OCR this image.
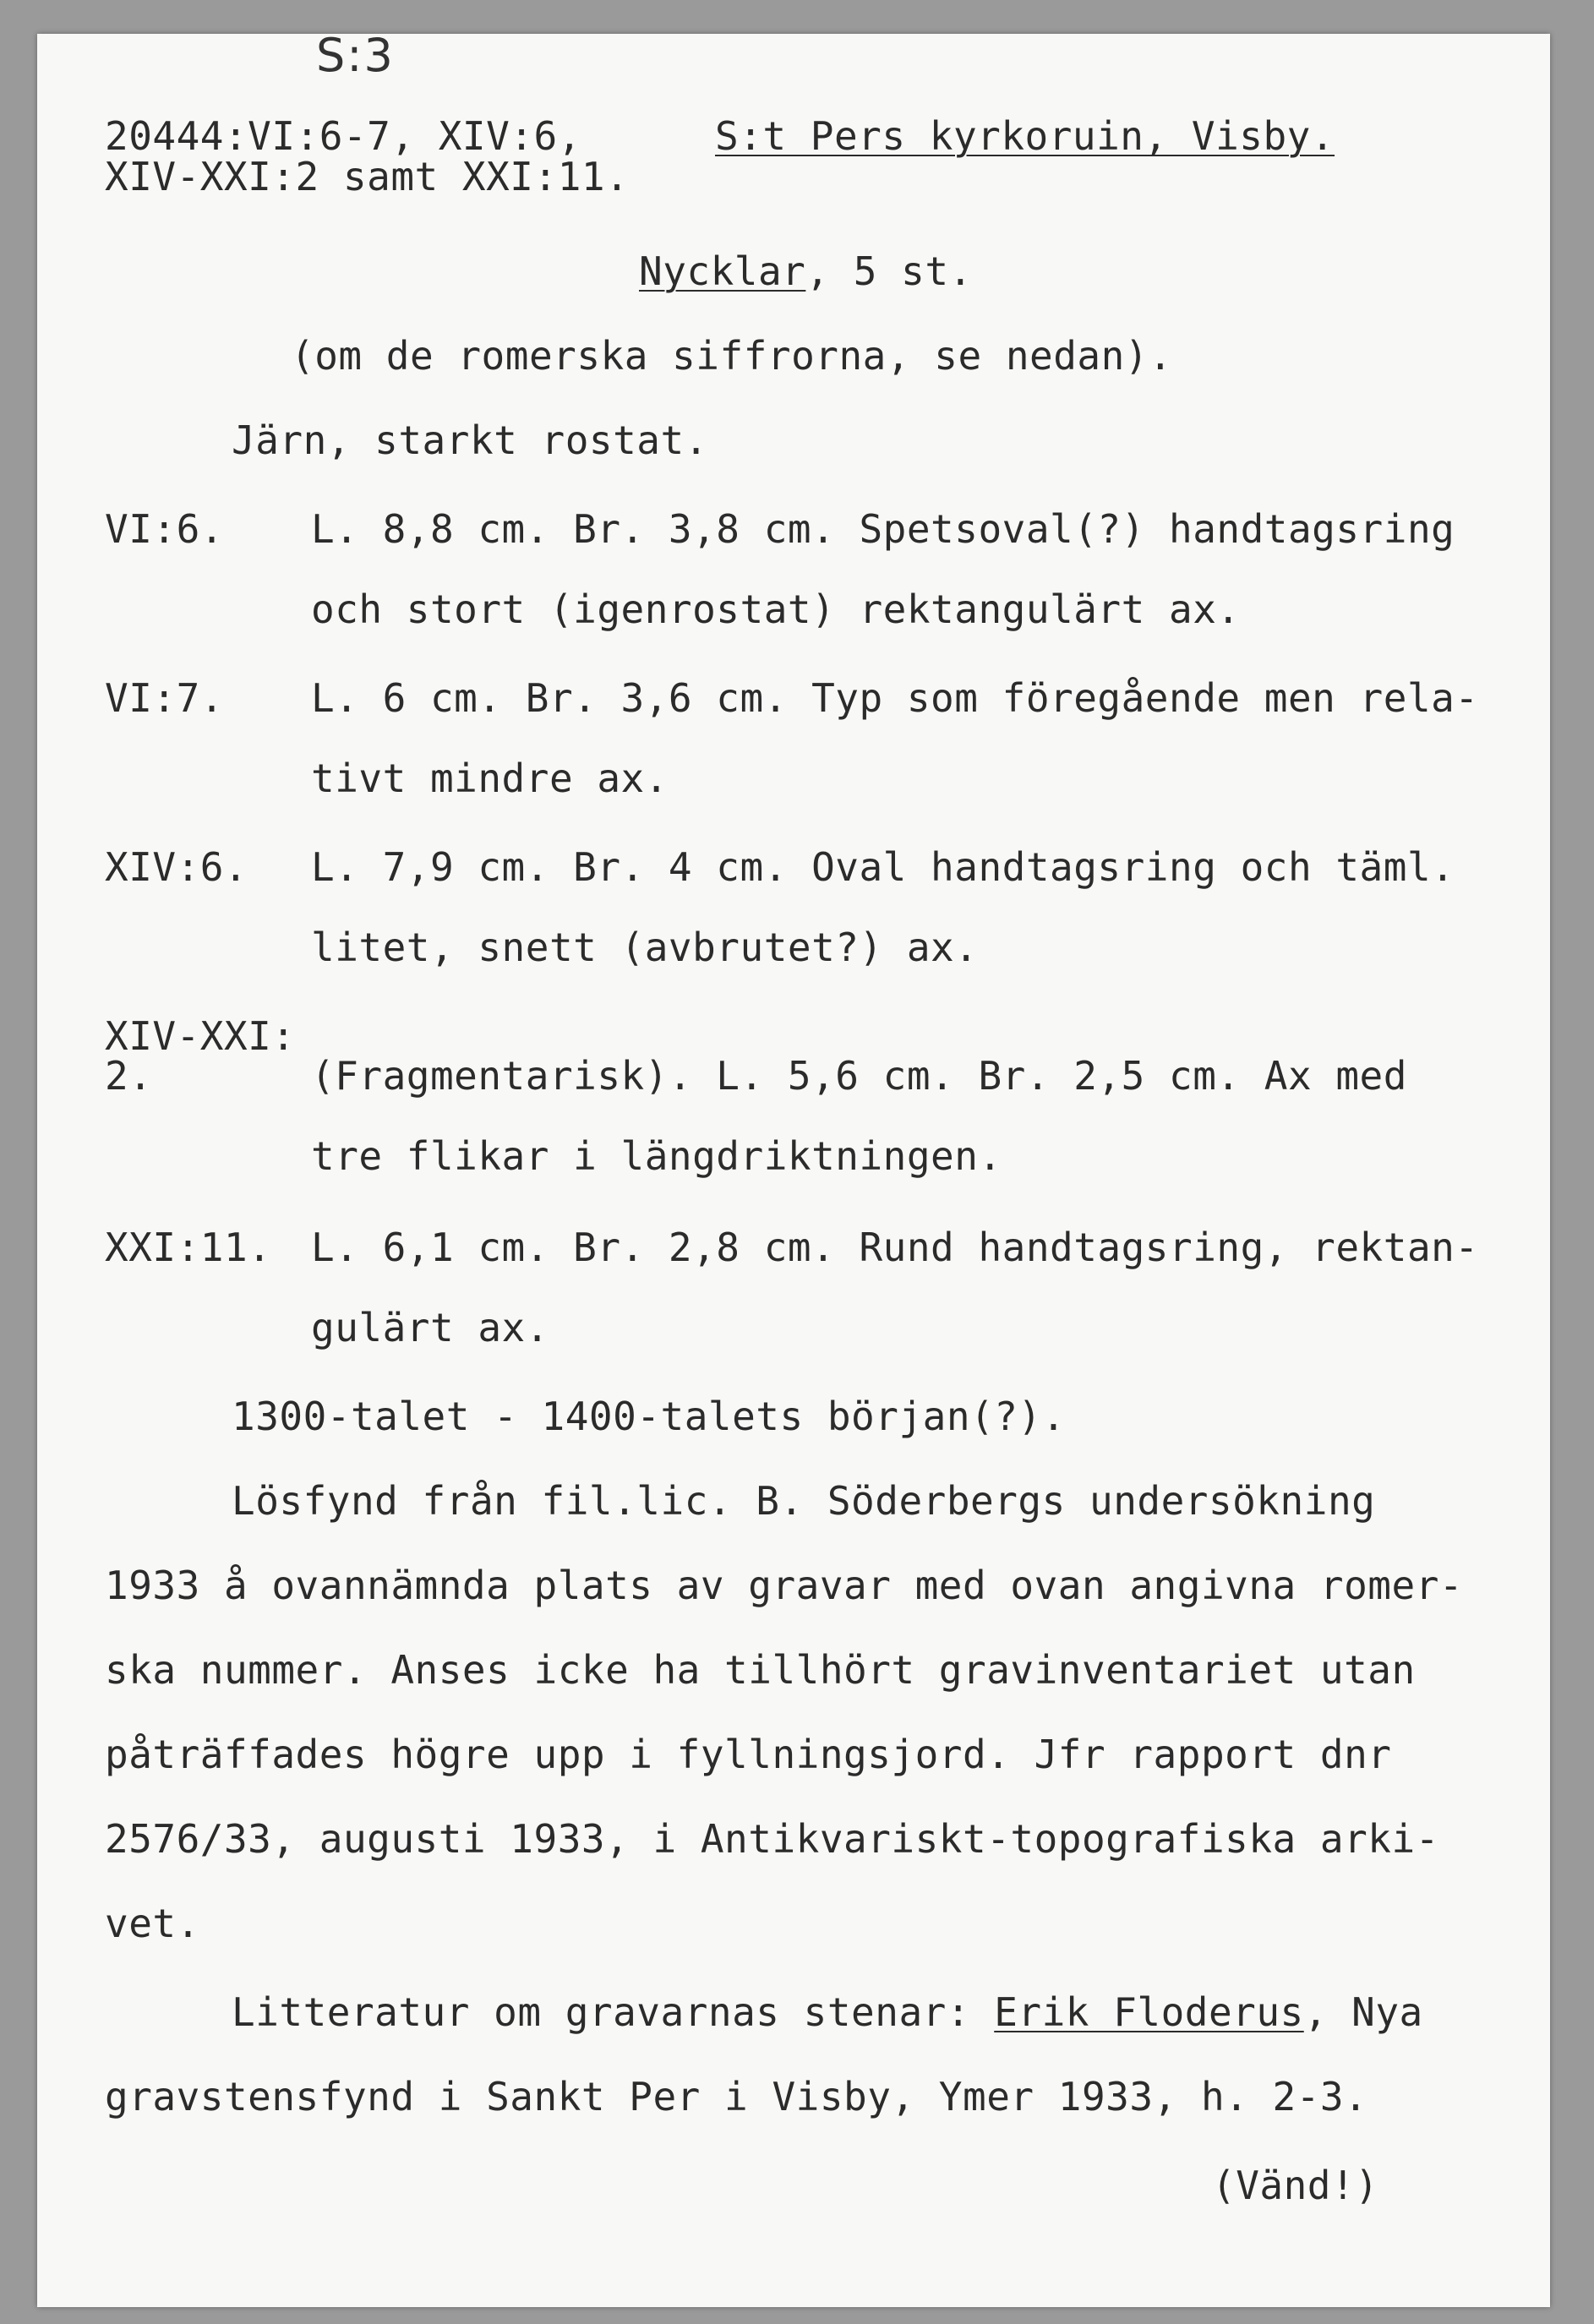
S:3
20444:VI:6-7, XIV:6,
XIV-XXI:2 samt XXI:11.
S:t Pers kyrkoruin, Visby.
Nycklar, 5 st.
(om de romerska siffrorna, se nedan).
Järn, starkt rostat.
VI:6. L. 8,8 cm. Br. 3,8 cm. Spetsoval(?) handtagsring
och stort (igenrostat) rektangulärt ax.
VI:7. L. 6 cm. Br. 3,6 cm. Typ som föregående men rela-
tivt mindre ax.
XIV:6. L. 7,9 cm. Br. 4 cm. Oval handtagsring och täml.
litet, snett (avbrutet?) ax.
XIV-XXI:
2.	(Fragmentarisk). L. 5,6 cm. Br. 2,5 cm. Ax med
tre flikar i längdriktningen.
XXI:11. L. 6,1 cm. Br. 2,8 cm. Rund handtagsring, rektan-
gulärt ax.
1300-talet - 1400-talets början(?).
Lösfynd från fil.lic. B. Söderbergs undersökning
1933 å ovannämnda plats av gravar med ovan angivna romer-
ska nummer. Anses icke ha tillhört gravinventariet utan
påträffades högre upp i fyllningsjord. Jfr rapport dnr
2576/33, augusti 1933, i Antikvariskt-topografiska arki-
vet.
Litteratur om gravarnas stenar: Erik Floderus, Nya
gravstensfynd i Sankt Per i Visby, Ymer 1933, h. 2-3.
(Vänd!)
